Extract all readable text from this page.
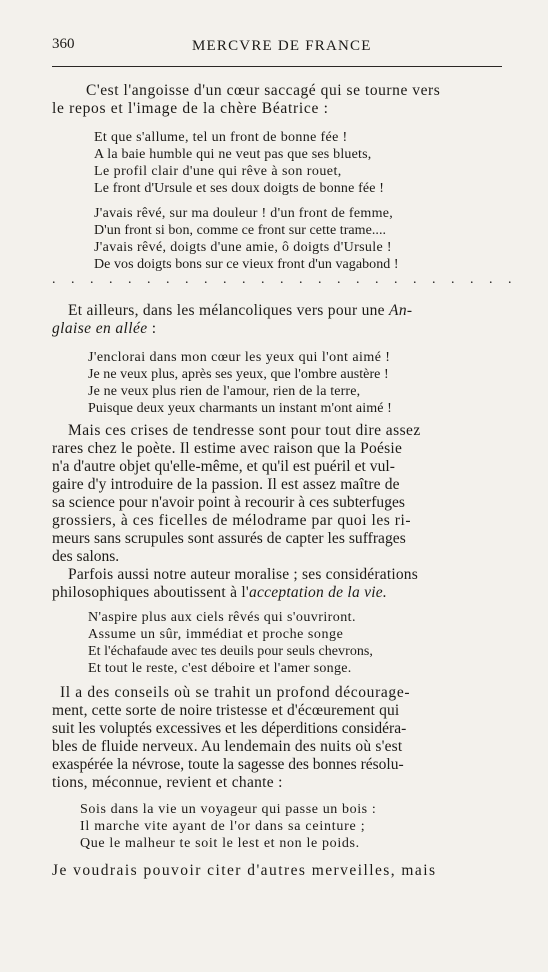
360	MERCVRE DE FRANCE
C'est l'angoisse d'un cœur saccagé qui se tourne vers
le repos et l'image de la chère Béatrice :
Et que s'allume, tel un front de bonne fée !
A la baie humble qui ne veut pas que ses bluets,
Le profil clair d'une qui rêve à son rouet,
Le front d'Ursule et ses doux doigts de bonne fée !
J'avais rêvé, sur ma douleur ! d'un front de femme,
D'un front si bon, comme ce front sur cette trame....
J'avais rêvé, doigts d'une amie, ô doigts d'Ursule !
De vos doigts bons sur ce vieux front d'un vagabond !
. . . . . . . . . . . . . . . . . . . . . . . . .
Et ailleurs, dans les mélancoliques vers pour une An-
glaise en allée :
J'enclorai dans mon cœur les yeux qui l'ont aimé !
Je ne veux plus, après ses yeux, que l'ombre austère !
Je ne veux plus rien de l'amour, rien de la terre,
Puisque deux yeux charmants un instant m'ont aimé !
Mais ces crises de tendresse sont pour tout dire assez
rares chez le poète. Il estime avec raison que la Poésie
n'a d'autre objet qu'elle-même, et qu'il est puéril et vul-
gaire d'y introduire de la passion. Il est assez maître de
sa science pour n'avoir point à recourir à ces subterfuges
grossiers, à ces ficelles de mélodrame par quoi les ri-
meurs sans scrupules sont assurés de capter les suffrages
des salons.
Parfois aussi notre auteur moralise ; ses considérations
philosophiques aboutissent à l'acceptation de la vie.
N'aspire plus aux ciels rêvés qui s'ouvriront.
Assume un sûr, immédiat et proche songe
Et l'échafaude avec tes deuils pour seuls chevrons,
Et tout le reste, c'est déboire et l'amer songe.
Il a des conseils où se trahit un profond décourage-
ment, cette sorte de noire tristesse et d'écœurement qui
suit les voluptés excessives et les déperditions considéra-
bles de fluide nerveux. Au lendemain des nuits où s'est
exaspérée la névrose, toute la sagesse des bonnes résolu-
tions, méconnue, revient et chante :
Sois dans la vie un voyageur qui passe un bois :
Il marche vite ayant de l'or dans sa ceinture ;
Que le malheur te soit le lest et non le poids.
Je voudrais pouvoir citer d'autres merveilles, mais
